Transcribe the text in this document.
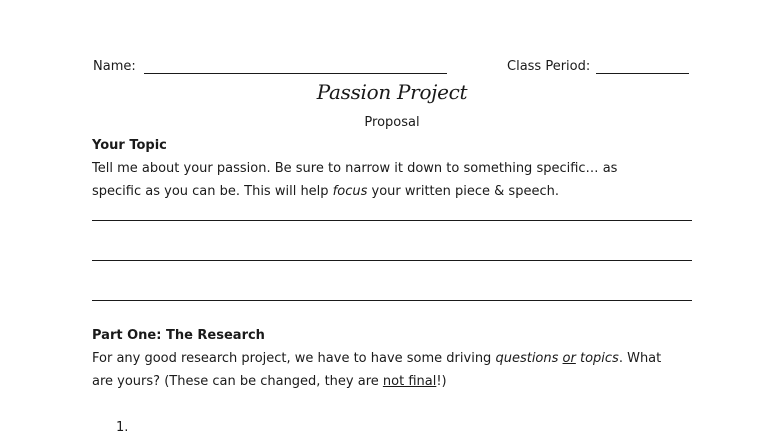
Name:	Class Period:
Passion Project
Proposal
Your Topic
Tell me about your passion. Be sure to narrow it down to something specific… as
specific as you can be. This will help focus your written piece & speech.
Part One: The Research
For any good research project, we have to have some driving questions or topics. What
are yours? (These can be changed, they are not final!)
1.
